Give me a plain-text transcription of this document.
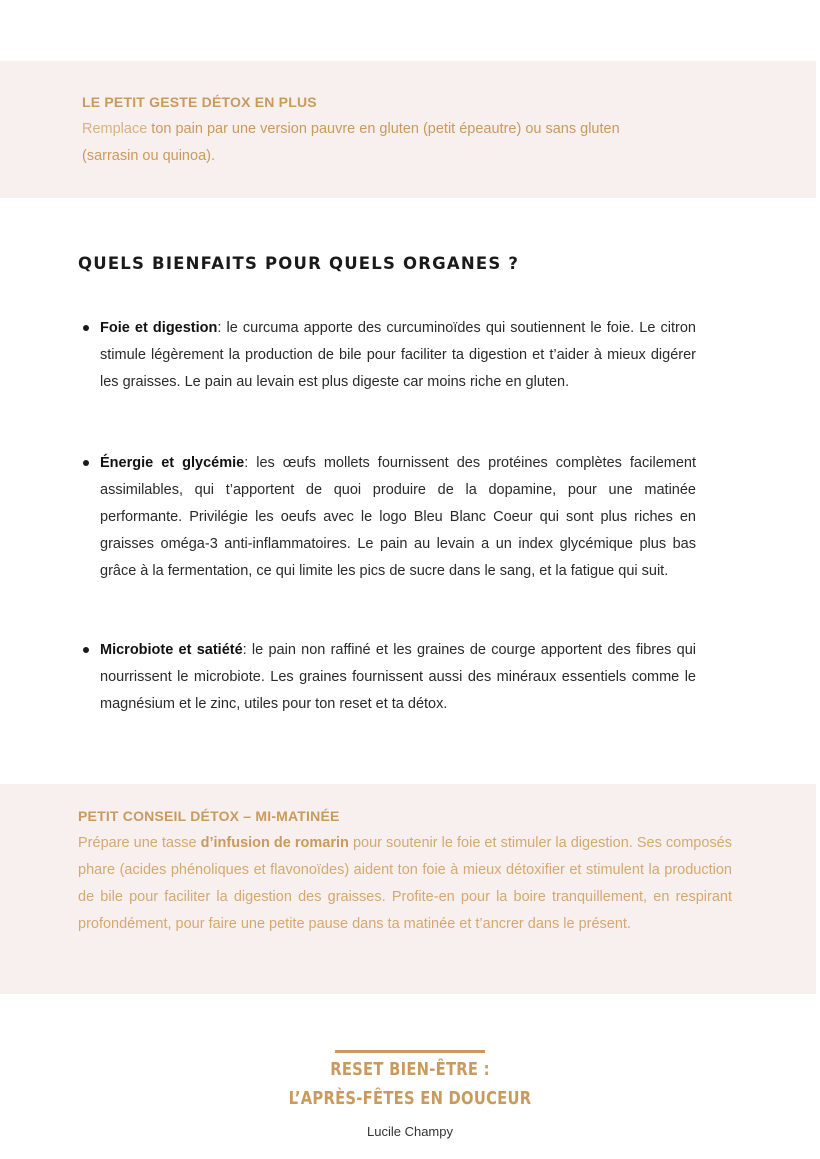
LE PETIT GESTE DÉTOX EN PLUS
Remplace ton pain par une version pauvre en gluten (petit épeautre) ou sans gluten
(sarrasin ou quinoa).
QUELS BIENFAITS POUR QUELS ORGANES ?
Foie et digestion: le curcuma apporte des curcuminoïdes qui soutiennent le foie. Le citron stimule légèrement la production de bile pour faciliter ta digestion et t’aider à mieux digérer les graisses. Le pain au levain est plus digeste car moins riche en gluten.
Énergie et glycémie: les œufs mollets fournissent des protéines complètes facilement assimilables, qui t’apportent de quoi produire de la dopamine, pour une matinée performante. Privilégie les oeufs avec le logo Bleu Blanc Coeur qui sont plus riches en graisses oméga-3 anti-inflammatoires. Le pain au levain a un index glycémique plus bas grâce à la fermentation, ce qui limite les pics de sucre dans le sang, et la fatigue qui suit.
Microbiote et satiété: le pain non raffiné et les graines de courge apportent des fibres qui nourrissent le microbiote. Les graines fournissent aussi des minéraux essentiels comme le magnésium et le zinc, utiles pour ton reset et ta détox.
PETIT CONSEIL DÉTOX – MI-MATINÉE
Prépare une tasse d’infusion de romarin pour soutenir le foie et stimuler la digestion. Ses composés phare (acides phénoliques et flavonoïdes) aident ton foie à mieux détoxifier et stimulent la production de bile pour faciliter la digestion des graisses. Profite-en pour la boire tranquillement, en respirant profondément, pour faire une petite pause dans ta matinée et t’ancrer dans le présent.
RESET BIEN-ÊTRE :
L’APRÈS-FÊTES EN DOUCEUR
Lucile Champy
